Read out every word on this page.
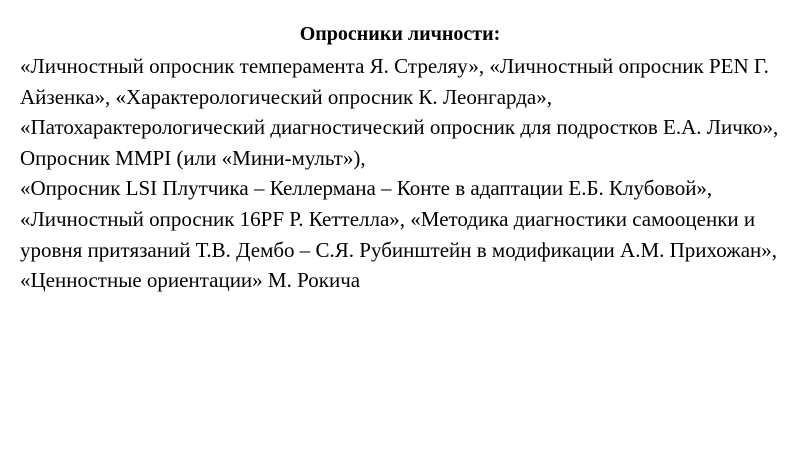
Опросники личности:
«Личностный опросник темперамента Я. Стреляу», «Личностный опросник PEN Г. Айзенка», «Характерологический опросник К. Леонгарда», «Патохарактерологический диагностический опросник для подростков Е.А. Личко»,
Опросник MMPI (или «Мини-мульт»),
«Опросник LSI Плутчика – Келлермана – Конте в адаптации Е.Б. Клубовой»,
«Личностный опросник 16PF Р. Кеттелла», «Методика диагностики самооценки и уровня притязаний Т.В. Дембо – С.Я. Рубинштейн в модификации А.М. Прихожан», «Ценностные ориентации» М. Рокича
